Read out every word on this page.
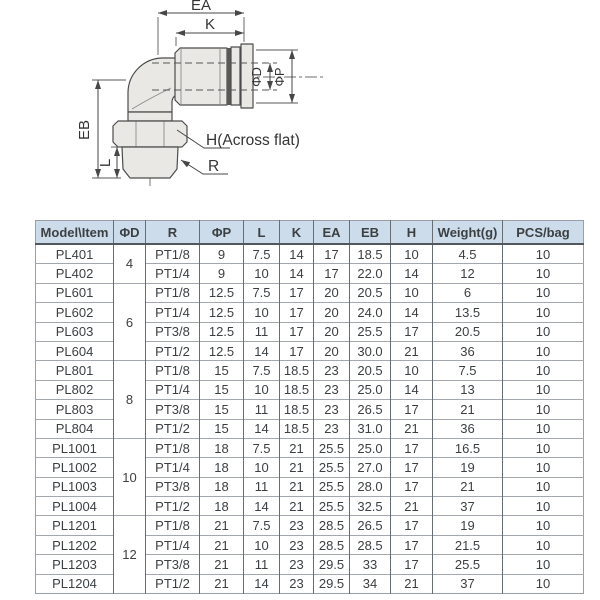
EA
K
ΦD ΦP
EB
L
H(Across flat)
R
Model\Item	ΦD	R	ΦP	L	K	EA	EB	H	Weight(g)	PCS/bag
PL401	4	PT1/8	9	7.5	14	17	18.5	10	4.5	10
PL402		PT1/4	9	10	14	17	22.0	14	12	10
PL601	6	PT1/8	12.5	7.5	17	20	20.5	10	6	10
PL602		PT1/4	12.5	10	17	20	24.0	14	13.5	10
PL603		PT3/8	12.5	11	17	20	25.5	17	20.5	10
PL604		PT1/2	12.5	14	17	20	30.0	21	36	10
PL801	8	PT1/8	15	7.5	18.5	23	20.5	10	7.5	10
PL802		PT1/4	15	10	18.5	23	25.0	14	13	10
PL803		PT3/8	15	11	18.5	23	26.5	17	21	10
PL804		PT1/2	15	14	18.5	23	31.0	21	36	10
PL1001	10	PT1/8	18	7.5	21	25.5	25.0	17	16.5	10
PL1002		PT1/4	18	10	21	25.5	27.0	17	19	10
PL1003		PT3/8	18	11	21	25.5	28.0	17	21	10
PL1004		PT1/2	18	14	21	25.5	32.5	21	37	10
PL1201	12	PT1/8	21	7.5	23	28.5	26.5	17	19	10
PL1202		PT1/4	21	10	23	28.5	28.5	17	21.5	10
PL1203		PT3/8	21	11	23	29.5	33	17	25.5	10
PL1204		PT1/2	21	14	23	29.5	34	21	37	10
